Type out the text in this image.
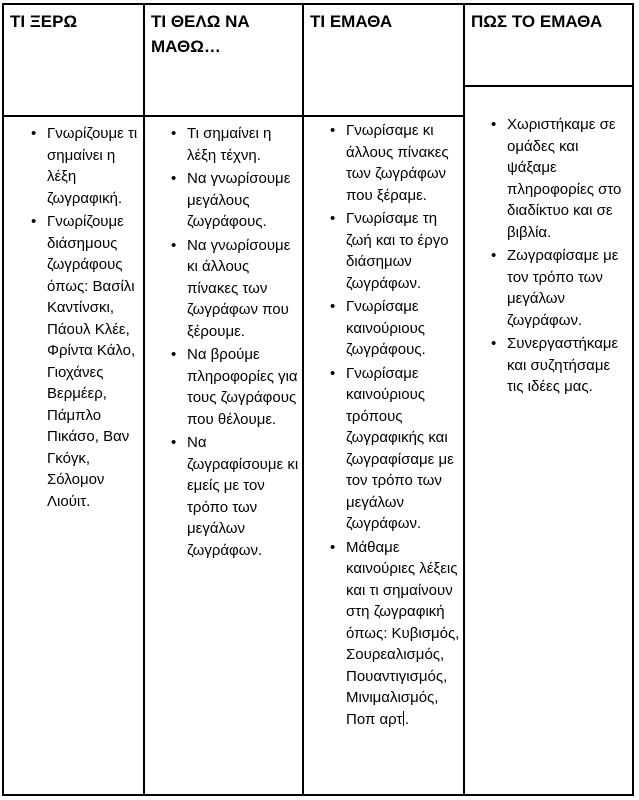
ΤΙ ΞΕΡΩ
• Γνωρίζουμε τι σημαίνει η λέξη ζωγραφική.
• Γνωρίζουμε διάσημους ζωγράφους όπως: Βασίλι Καντίνσκι, Πάουλ Κλέε, Φρίντα Κάλο, Γιοχάνες Βερμέερ, Πάμπλο Πικάσο, Βαν Γκόγκ, Σόλομον Λιούιτ.
ΤΙ ΘΕΛΩ ΝΑ ΜΑΘΩ…
• Τι σημαίνει η λέξη τέχνη.
• Να γνωρίσουμε μεγάλους ζωγράφους.
• Να γνωρίσουμε κι άλλους πίνακες των ζωγράφων που ξέρουμε.
• Να βρούμε πληροφορίες για τους ζωγράφους που θέλουμε.
• Να ζωγραφίσουμε κι εμείς με τον τρόπο των μεγάλων ζωγράφων.
ΤΙ ΕΜΑΘΑ
• Γνωρίσαμε κι άλλους πίνακες των ζωγράφων που ξέραμε.
• Γνωρίσαμε τη ζωή και το έργο διάσημων ζωγράφων.
• Γνωρίσαμε καινούριους ζωγράφους.
• Γνωρίσαμε καινούριους τρόπους ζωγραφικής και ζωγραφίσαμε με τον τρόπο των μεγάλων ζωγράφων.
• Μάθαμε καινούριες λέξεις και τι σημαίνουν στη ζωγραφική όπως: Κυβισμός, Σουρεαλισμός, Πουαντιγισμός, Μινιμαλισμός, Ποπ αρτ .
ΠΩΣ ΤΟ ΕΜΑΘΑ
• Χωριστήκαμε σε ομάδες και ψάξαμε πληροφορίες στο διαδίκτυο και σε βιβλία.
• Ζωγραφίσαμε με τον τρόπο των μεγάλων ζωγράφων.
• Συνεργαστήκαμε και συζητήσαμε τις ιδέες μας.
